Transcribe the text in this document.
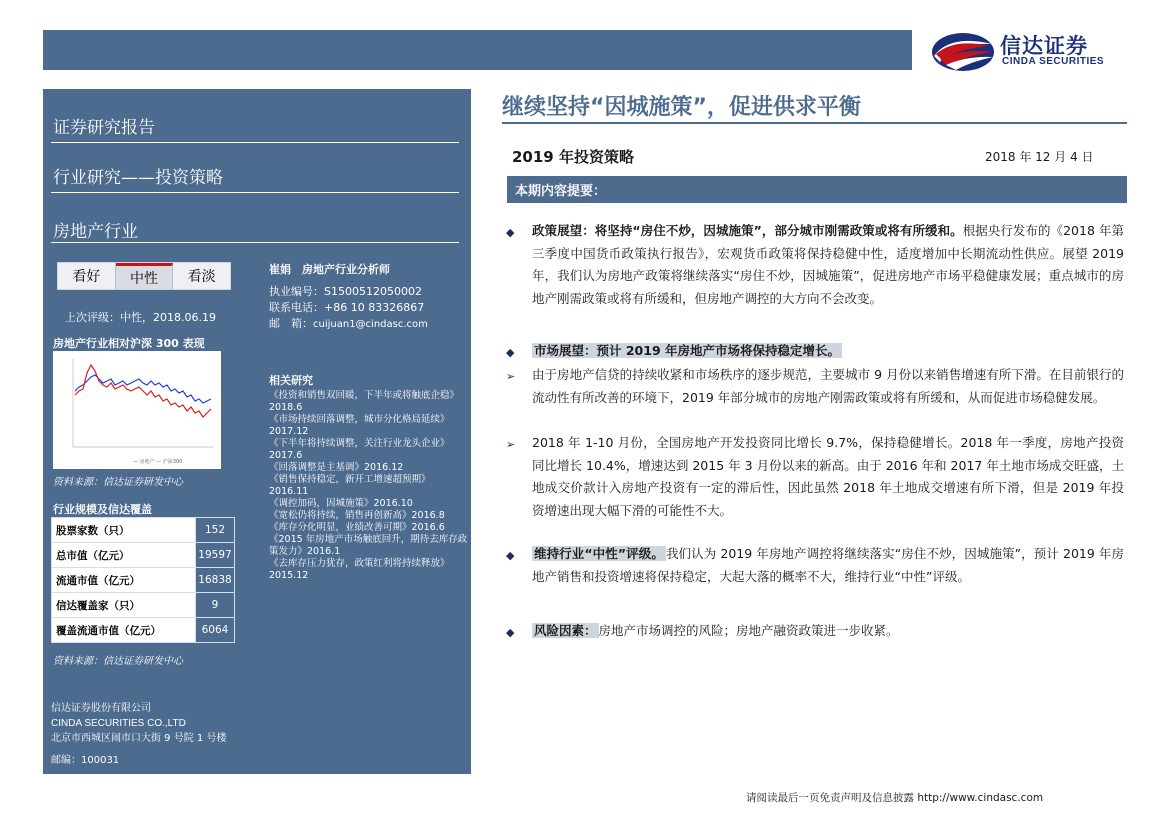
信达证券
CINDA SECURITIES
证券研究报告
行业研究——投资策略
房地产行业
看好	中性	看淡
上次评级：中性，2018.06.19
崔娟　房地产行业分析师
执业编号：S1500512050002
联系电话：+86 10 83326867
邮　箱：cuijuan1@cindasc.com
房地产行业相对沪深 300 表现
— 房地产 — 沪深300
资料来源：信达证券研发中心
相关研究
《投资和销售双回暖，下半年或将触底企稳》2018.6
《市场持续回落调整，城市分化格局延续》2017.12
《下半年将持续调整，关注行业龙头企业》2017.6
《回落调整是主基调》2016.12
《销售保持稳定，新开工增速超预期》2016.11
《调控加码，因城施策》2016.10
《宽松仍将持续，销售再创新高》2016.8
《库存分化明显，业绩改善可期》2016.6
《2015 年房地产市场触底回升，期待去库存政策发力》2016.1
《去库存压力犹存，政策红利将持续释放》2015.12
行业规模及信达覆盖
股票家数（只）	152
总市值（亿元）	19597
流通市值（亿元）	16838
信达覆盖家（只）	9
覆盖流通市值（亿元）	6064
资料来源：信达证券研发中心
信达证券股份有限公司
CINDA SECURITIES CO.,LTD
北京市西城区闹市口大街 9 号院 1 号楼
邮编：100031
继续坚持“因城施策”，促进供求平衡
2019 年投资策略	2018 年 12 月 4 日
本期内容提要：
◆ 政策展望：将坚持“房住不炒，因城施策”，部分城市刚需政策或将有所缓和。根据央行发布的《2018 年第三季度中国货币政策执行报告》，宏观货币政策将保持稳健中性，适度增加中长期流动性供应。展望 2019 年，我们认为房地产政策将继续落实“房住不炒，因城施策”，促进房地产市场平稳健康发展；重点城市的房地产刚需政策或将有所缓和，但房地产调控的大方向不会改变。
◆ 市场展望：预计 2019 年房地产市场将保持稳定增长。
➢ 由于房地产信贷的持续收紧和市场秩序的逐步规范，主要城市 9 月份以来销售增速有所下滑。在目前银行的流动性有所改善的环境下，2019 年部分城市的房地产刚需政策或将有所缓和，从而促进市场稳健发展。
➢ 2018 年 1-10 月份，全国房地产开发投资同比增长 9.7%，保持稳健增长。2018 年一季度，房地产投资同比增长 10.4%，增速达到 2015 年 3 月份以来的新高。由于 2016 年和 2017 年土地市场成交旺盛，土地成交价款计入房地产投资有一定的滞后性，因此虽然 2018 年土地成交增速有所下滑，但是 2019 年投资增速出现大幅下滑的可能性不大。
◆ 维持行业“中性”评级。 我们认为 2019 年房地产调控将继续落实“房住不炒，因城施策”，预计 2019 年房地产销售和投资增速将保持稳定，大起大落的概率不大，维持行业“中性”评级。
◆ 风险因素： 房地产市场调控的风险；房地产融资政策进一步收紧。
请阅读最后一页免责声明及信息披露 http://www.cindasc.com
